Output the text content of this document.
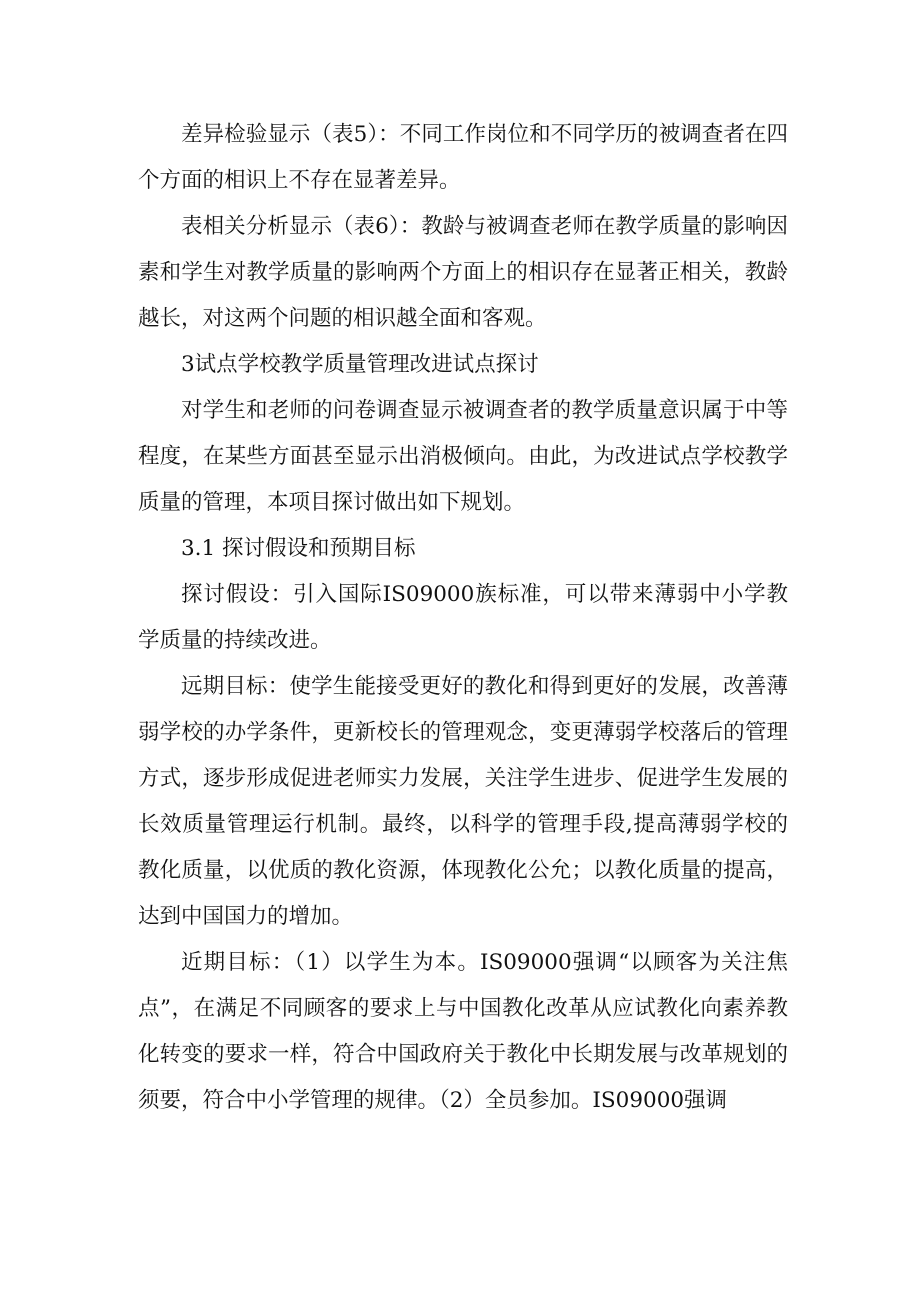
差异检验显示（表5）：不同工作岗位和不同学历的被调查者在四个方面的相识上不存在显著差异。

表相关分析显示（表6）：教龄与被调查老师在教学质量的影响因素和学生对教学质量的影响两个方面上的相识存在显著正相关，教龄越长，对这两个问题的相识越全面和客观。

3试点学校教学质量管理改进试点探讨

对学生和老师的问卷调查显示被调查者的教学质量意识属于中等程度，在某些方面甚至显示出消极倾向。由此，为改进试点学校教学质量的管理，本项目探讨做出如下规划。

3.1 探讨假设和预期目标

探讨假设：引入国际IS09000族标准，可以带来薄弱中小学教学质量的持续改进。

远期目标：使学生能接受更好的教化和得到更好的发展，改善薄弱学校的办学条件，更新校长的管理观念，变更薄弱学校落后的管理方式，逐步形成促进老师实力发展，关注学生进步、促进学生发展的长效质量管理运行机制。最终，以科学的管理手段,提高薄弱学校的教化质量，以优质的教化资源，体现教化公允；以教化质量的提高，达到中国国力的增加。

近期目标：（1）以学生为本。IS09000强调“以顾客为关注焦点”，在满足不同顾客的要求上与中国教化改革从应试教化向素养教化转变的要求一样，符合中国政府关于教化中长期发展与改革规划的须要，符合中小学管理的规律。（2）全员参加。IS09000强调
